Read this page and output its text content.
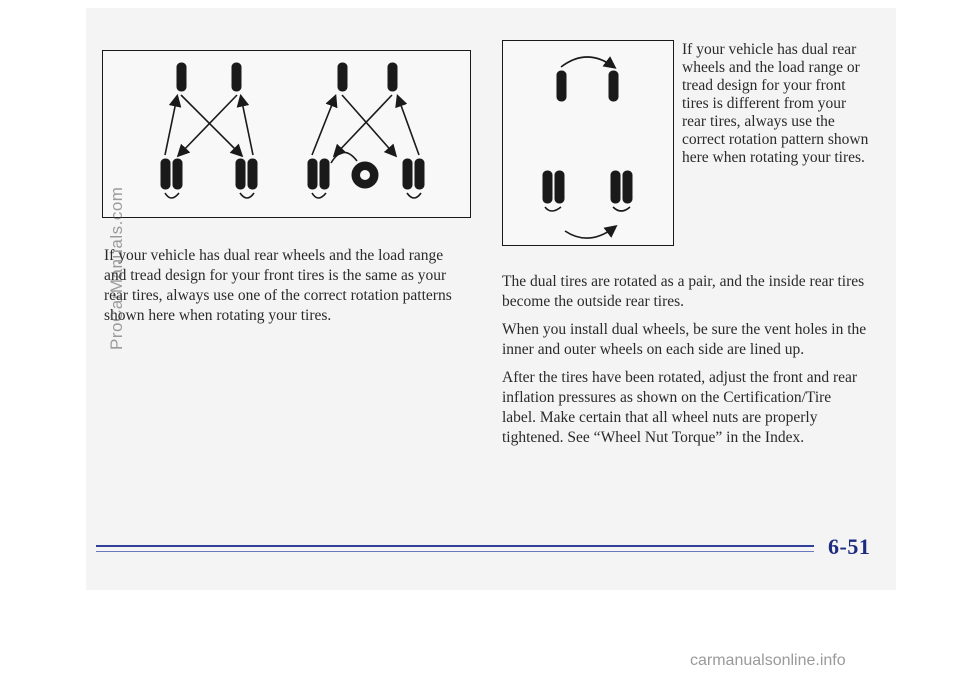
If your vehicle has dual rear wheels and the load range or tread design for your front tires is different from your rear tires, always use the correct rotation pattern shown here when rotating your tires.

If your vehicle has dual rear wheels and the load range and tread design for your front tires is the same as your rear tires, always use one of the correct rotation patterns shown here when rotating your tires.

The dual tires are rotated as a pair, and the inside rear tires become the outside rear tires.

When you install dual wheels, be sure the vent holes in the inner and outer wheels on each side are lined up.

After the tires have been rotated, adjust the front and rear inflation pressures as shown on the Certification/Tire label. Make certain that all wheel nuts are properly tightened. See “Wheel Nut Torque” in the Index.

6-51
ProCarManuals.com
carmanualsonline.info
